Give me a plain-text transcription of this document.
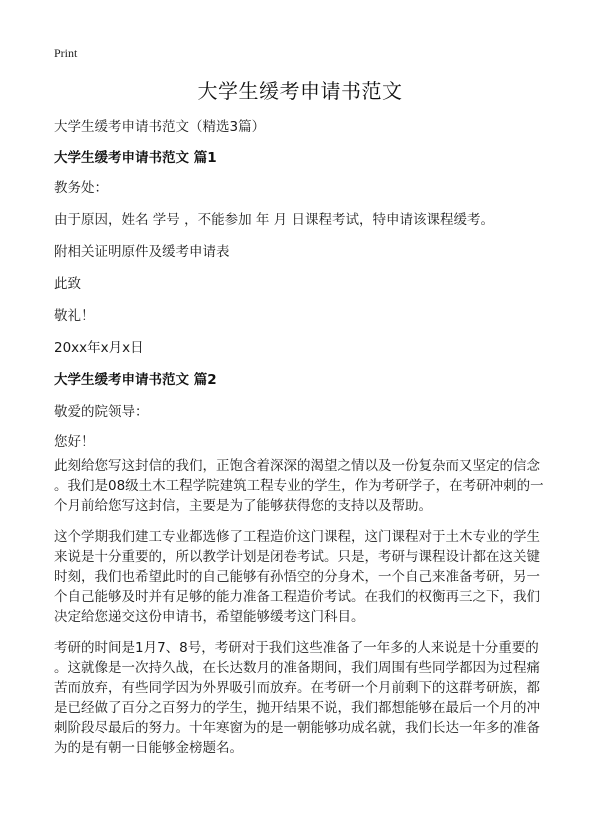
Print
大学生缓考申请书范文

大学生缓考申请书范文（精选3篇）

大学生缓考申请书范文 篇1

教务处：

由于原因，姓名 学号 ，不能参加 年 月 日课程考试，特申请该课程缓考。

附相关证明原件及缓考申请表

此致

敬礼！

20xx年x月x日

大学生缓考申请书范文 篇2

敬爱的院领导：

您好！

此刻给您写这封信的我们，正饱含着深深的渴望之情以及一份复杂而又坚定的信念
。我们是08级土木工程学院建筑工程专业的学生，作为考研学子，在考研冲刺的一
个月前给您写这封信，主要是为了能够获得您的支持以及帮助。
这个学期我们建工专业都选修了工程造价这门课程，这门课程对于土木专业的学生
来说是十分重要的，所以教学计划是闭卷考试。只是，考研与课程设计都在这关键
时刻，我们也希望此时的自己能够有孙悟空的分身术，一个自己来准备考研，另一
个自己能够及时并有足够的能力准备工程造价考试。在我们的权衡再三之下，我们
决定给您递交这份申请书，希望能够缓考这门科目。
考研的时间是1月7、8号，考研对于我们这些准备了一年多的人来说是十分重要的
。这就像是一次持久战，在长达数月的准备期间，我们周围有些同学都因为过程痛
苦而放弃，有些同学因为外界吸引而放弃。在考研一个月前剩下的这群考研族，都
是已经做了百分之百努力的学生，抛开结果不说，我们都想能够在最后一个月的冲
刺阶段尽最后的努力。十年寒窗为的是一朝能够功成名就，我们长达一年多的准备
为的是有朝一日能够金榜题名。
